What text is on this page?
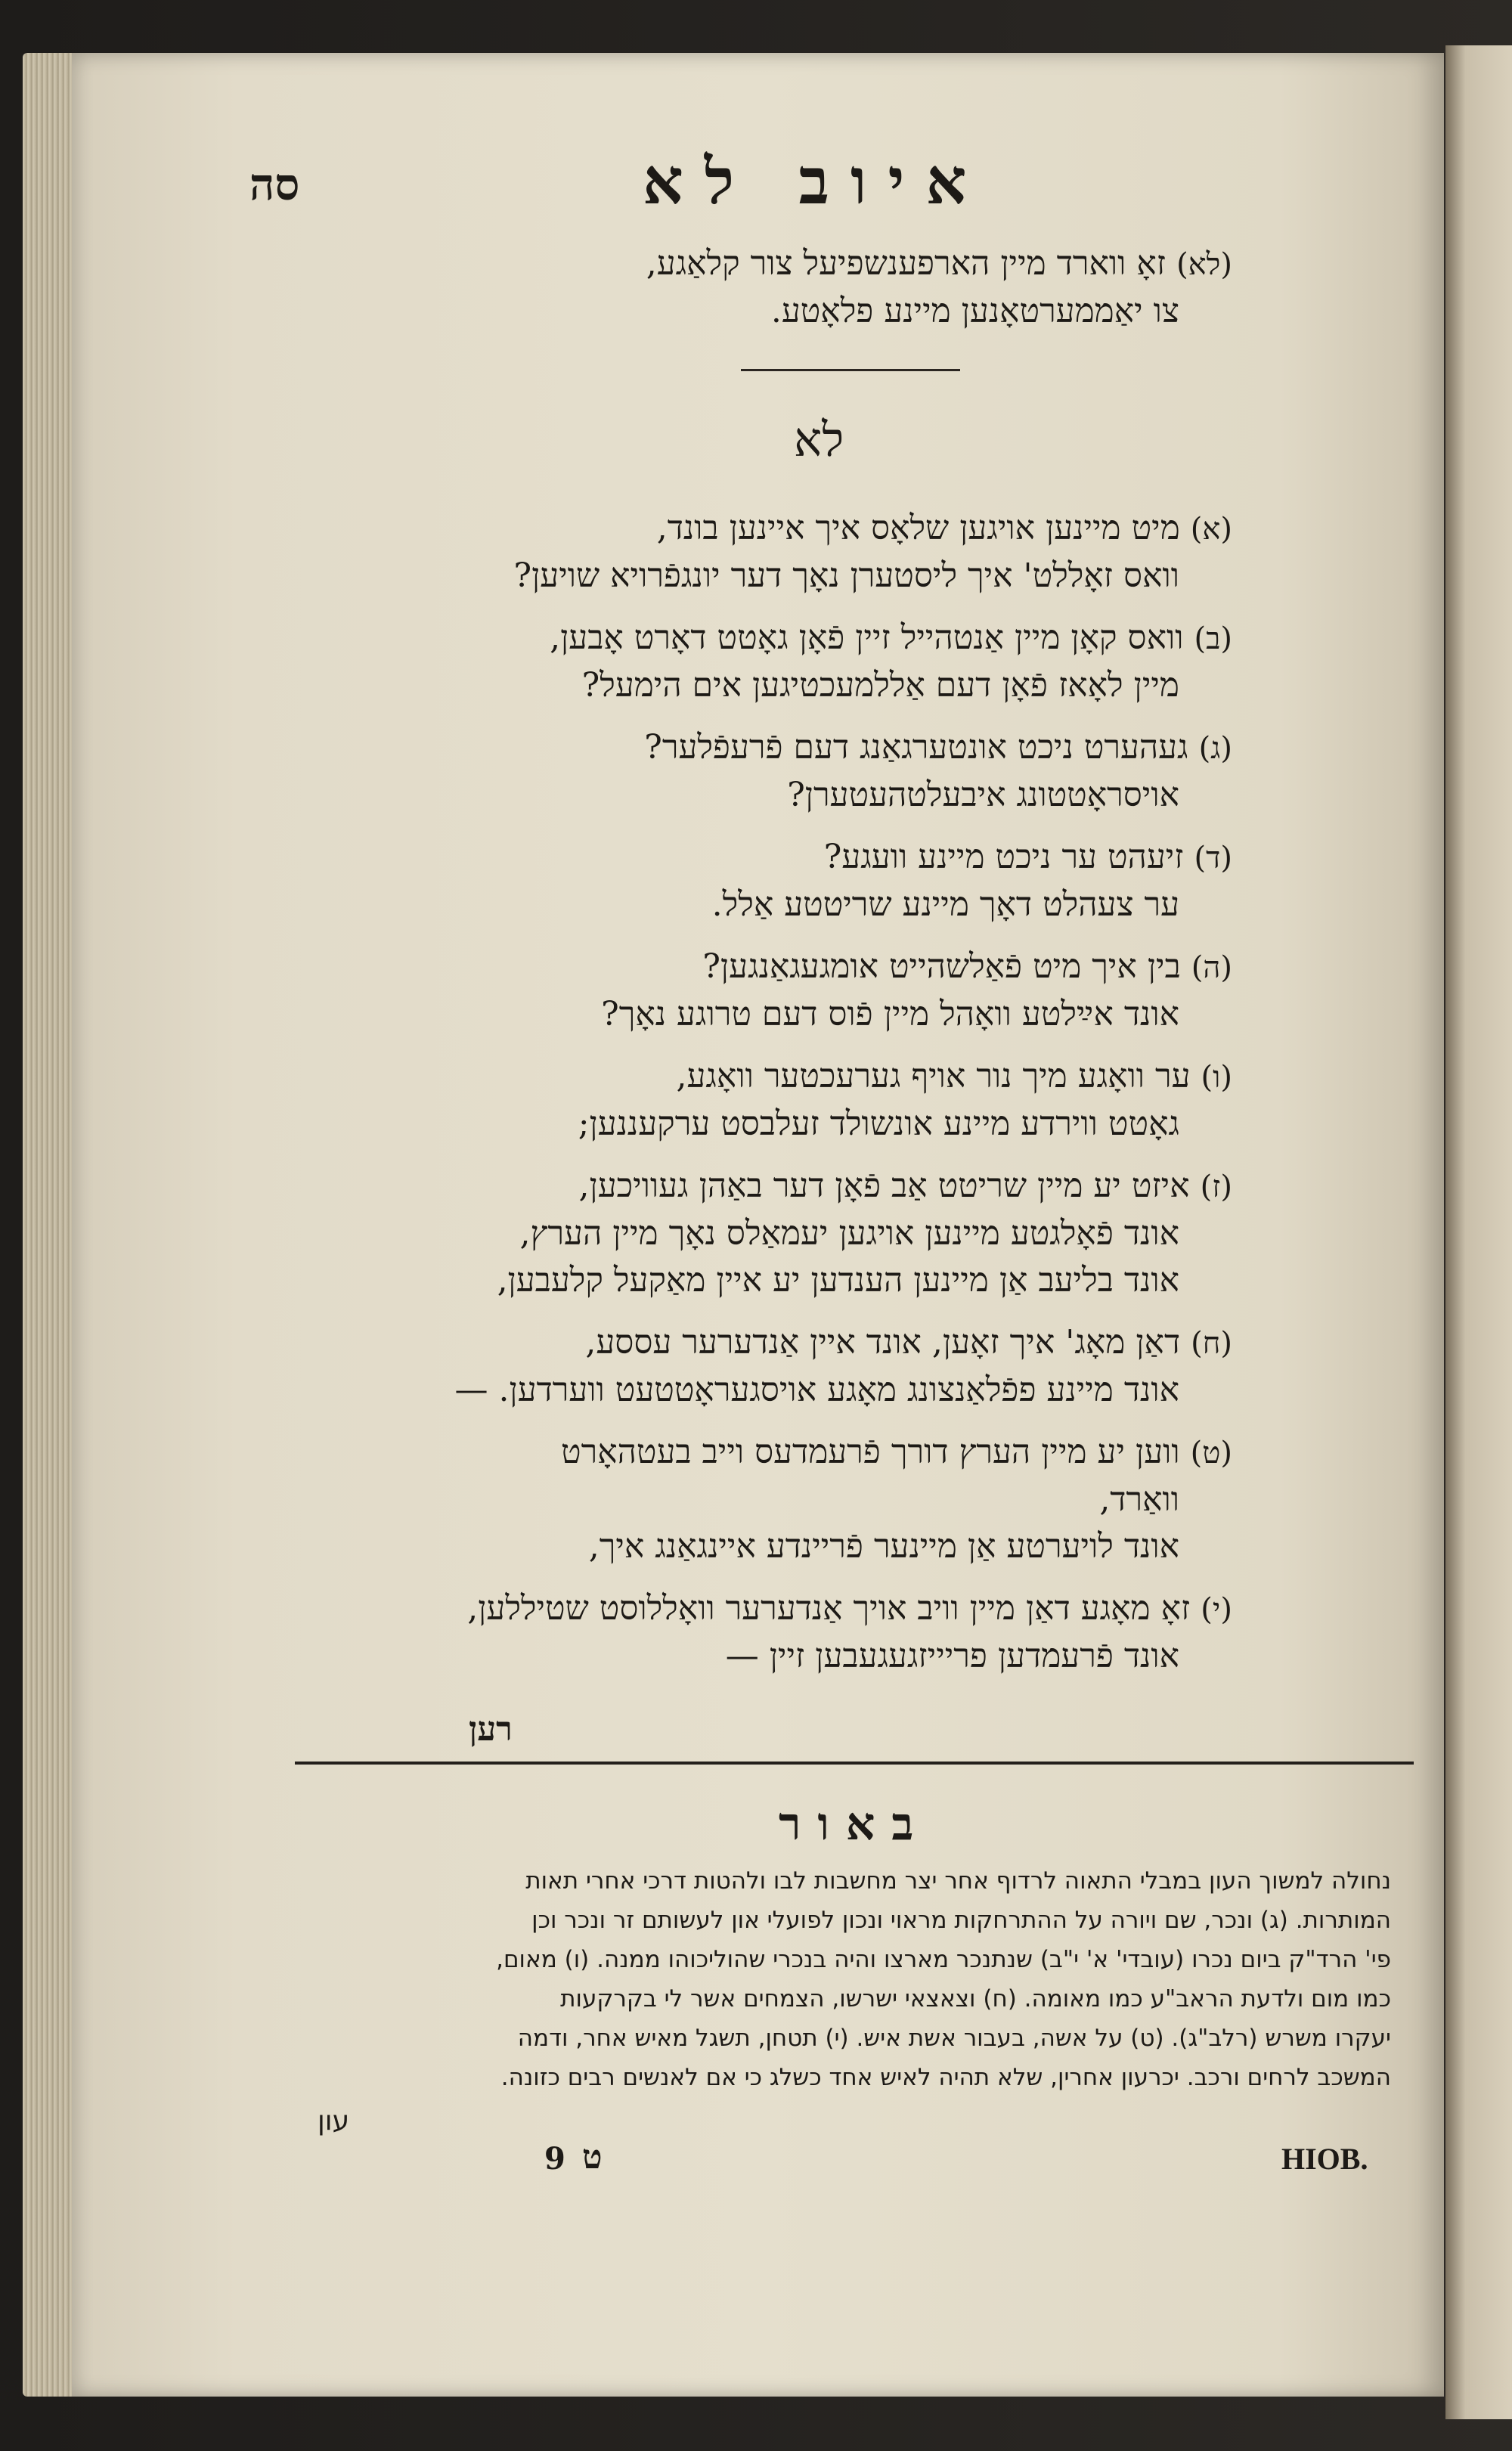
סה	איוב לא
(לא) זאָ ווארד מיין הארפענשפיעל צור קלאַגע,
צו יאַממערטאָנען מיינע פלאָטע.
לא
(א) מיט מיינען אויגען שלאָס איך איינען בונד,
וואס זאָללט' איך ליסטערן נאָך דער יונגפֿרויא שויען?
(ב) וואס קאָן מיין אַנטהייל זיין פֿאָן גאָטט דאָרט אָבען,
מיין לאָאז פֿאָן דעם אַללמעכטיגען אים הימעל?
(ג) געהערט ניכט אונטערגאַנג דעם פֿרעפֿלער?
אויסראָטטונג איבעלטהעטערן?
(ד) זיעהט ער ניכט מיינע וועגע?
ער צעהלט דאָך מיינע שריטטע אַלל.
(ה) בין איך מיט פֿאַלשהייט אומגעגאַנגען?
אונד אײַלטע וואָהל מיין פֿוס דעם טרוגע נאָך?
(ו) ער וואָגע מיך נור אויף גערעכטער וואָגע,
גאָטט ווירדע מיינע אונשולד זעלבסט ערקעננען;
(ז) איזט יע מיין שריטט אַב פֿאָן דער באַהן געוויכען,
אונד פֿאָלגטע מיינען אויגען יעמאַלס נאָך מיין הערץ,
אונד בליעב אַן מיינען הענדען יע איין מאַקעל קלעבען,
(ח) דאַן מאָג' איך זאָען, אונד איין אַנדערער עססע,
אונד מיינע פפֿלאַנצונג מאָגע אויסגעראָטטעט ווערדען. —
(ט) ווען יע מיין הערץ דורך פֿרעמדעס וייב בעטהאָרט
וואַרד,
אונד לויערטע אַן מיינער פֿריינדע איינגאַנג איך,
(י) זאָ מאָגע דאַן מיין וויב אויך אַנדערער וואָללוסט שטיללען,
אונד פֿרעמדען פריייזגעגעבען זיין —
רען
באור
נחולה למשוך העון במבלי התאוה לרדוף אחר יצר מחשבות לבו ולהטות דרכי אחרי תאות
המותרות. (ג) ונכר, שם ויורה על ההתרחקות מראוי ונכון לפועלי און לעשותם זר ונכר וכן
פי' הרד"ק ביום נכרו (עובדי' א' י"ב) שנתנכר מארצו והיה בנכרי שהוליכוהו ממנה. (ו) מאום,
כמו מום ולדעת הראב"ע כמו מאומה. (ח) וצאצאי ישרשו, הצמחים אשר לי בקרקעות
יעקרו משרש (רלב"ג). (ט) על אשה, בעבור אשת איש. (י) תטחן, תשגל מאיש אחר, ודמה
המשכב לרחים ורכב. יכרעון אחרין, שלא תהיה לאיש אחד כשלג כי אם לאנשים רבים כזונה.
עון
ט
9	HIOB.
